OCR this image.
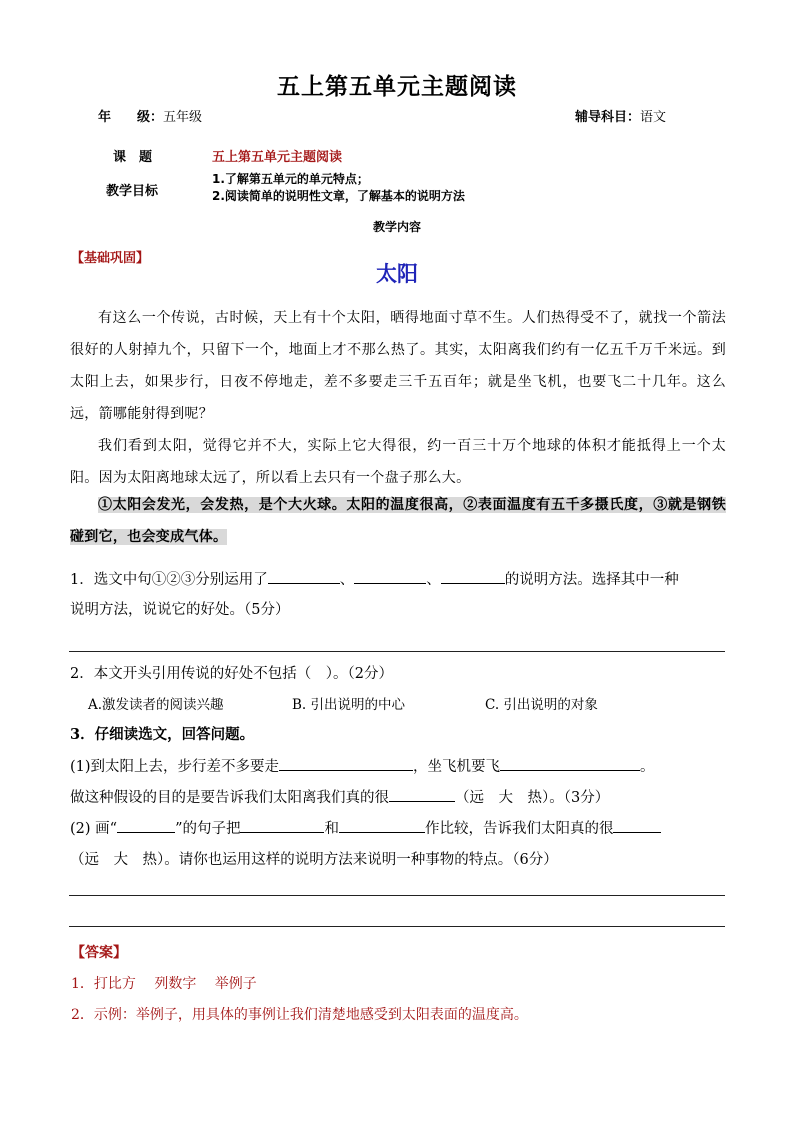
五上第五单元主题阅读
年　　级：五年级	辅导科目：语文
课　题	五上第五单元主题阅读
教学目标
1.了解第五单元的单元特点；
2.阅读简单的说明性文章，了解基本的说明方法
教学内容
【基础巩固】
太阳
有这么一个传说，古时候，天上有十个太阳，晒得地面寸草不生。人们热得受不了，就找一个箭法很好的人射掉九个，只留下一个，地面上才不那么热了。其实，太阳离我们约有一亿五千万千米远。到太阳上去，如果步行，日夜不停地走，差不多要走三千五百年；就是坐飞机，也要飞二十几年。这么远，箭哪能射得到呢？
我们看到太阳，觉得它并不大，实际上它大得很，约一百三十万个地球的体积才能抵得上一个太阳。因为太阳离地球太远了，所以看上去只有一个盘子那么大。
①太阳会发光，会发热，是个大火球。太阳的温度很高，②表面温度有五千多摄氏度，③就是钢铁碰到它，也会变成气体。
1．选文中句①②③分别运用了	、	、	的说明方法。选择其中一种
说明方法，说说它的好处。（5分）
2．本文开头引用传说的好处不包括（　）。（2分）
A.激发读者的阅读兴趣	B. 引出说明的中心	C. 引出说明的对象
3．仔细读选文，回答问题。
(1)到太阳上去，步行差不多要走	，坐飞机要飞	。
做这种假设的目的是要告诉我们太阳离我们真的很	（远　大　热）。（3分）
(2) 画“	”的句子把	和	作比较，告诉我们太阳真的很
（远　大　热）。请你也运用这样的说明方法来说明一种事物的特点。（6分）
【答案】
1．打比方　 列数字　 举例子
2．示例：举例子，用具体的事例让我们清楚地感受到太阳表面的温度高。
